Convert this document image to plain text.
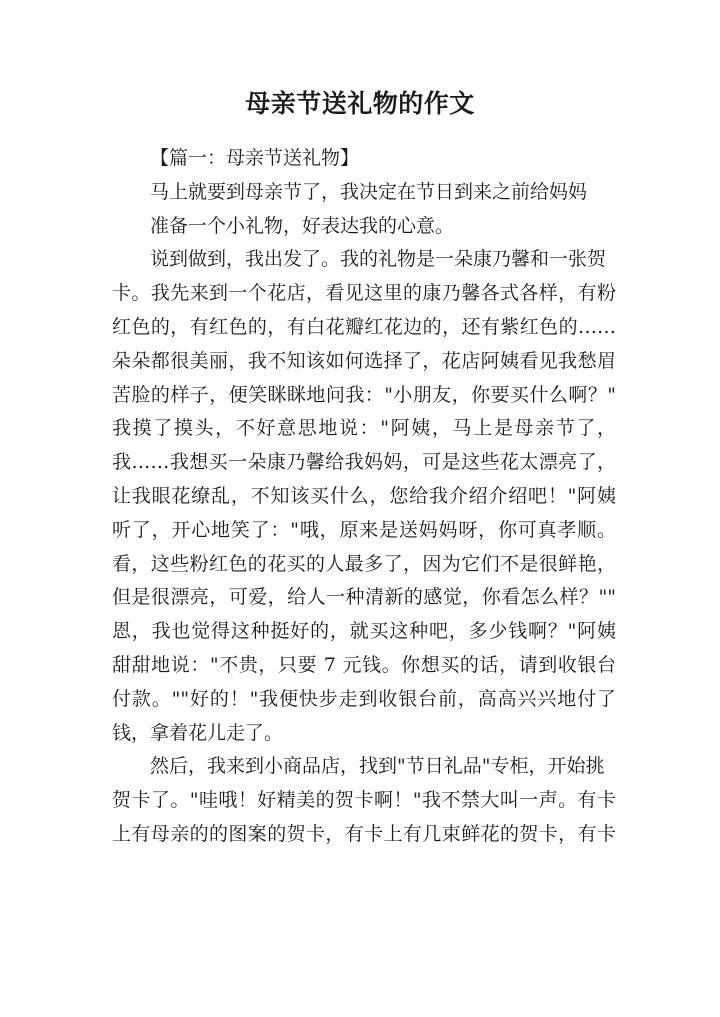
母亲节送礼物的作文
【篇一：母亲节送礼物】
马上就要到母亲节了，我决定在节日到来之前给妈妈
准备一个小礼物，好表达我的心意。
说到做到，我出发了。我的礼物是一朵康乃馨和一张贺
卡。我先来到一个花店，看见这里的康乃馨各式各样，有粉
红色的，有红色的，有白花瓣红花边的，还有紫红色的……
朵朵都很美丽，我不知该如何选择了，花店阿姨看见我愁眉
苦脸的样子，便笑眯眯地问我："小朋友，你要买什么啊？"
我摸了摸头，不好意思地说："阿姨，马上是母亲节了，
我……我想买一朵康乃馨给我妈妈，可是这些花太漂亮了，
让我眼花缭乱，不知该买什么，您给我介绍介绍吧！"阿姨
听了，开心地笑了："哦，原来是送妈妈呀，你可真孝顺。
看，这些粉红色的花买的人最多了，因为它们不是很鲜艳，
但是很漂亮，可爱，给人一种清新的感觉，你看怎么样？""
恩，我也觉得这种挺好的，就买这种吧，多少钱啊？"阿姨
甜甜地说："不贵，只要 7 元钱。你想买的话，请到收银台
付款。""好的！"我便快步走到收银台前，高高兴兴地付了
钱，拿着花儿走了。
然后，我来到小商品店，找到"节日礼品"专柜，开始挑
贺卡了。"哇哦！好精美的贺卡啊！"我不禁大叫一声。有卡
上有母亲的的图案的贺卡，有卡上有几束鲜花的贺卡，有卡
